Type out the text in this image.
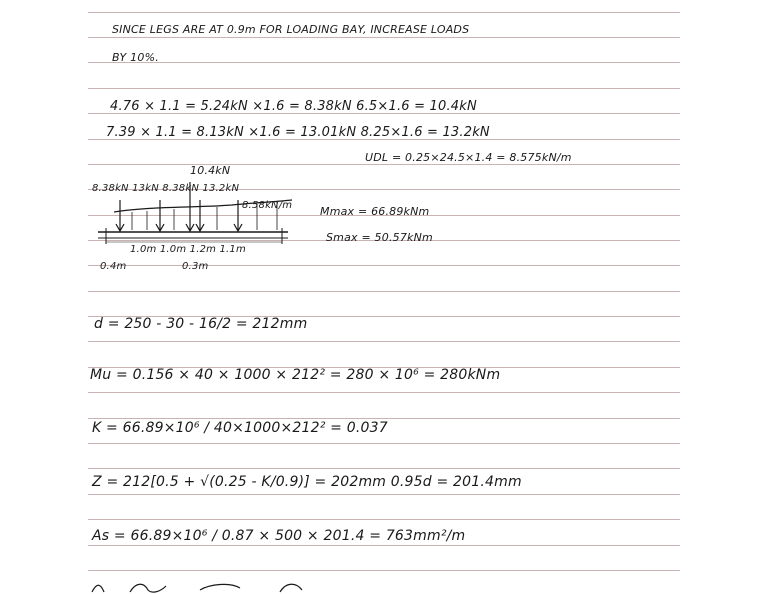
SINCE LEGS ARE AT 0.9m FOR LOADING BAY, INCREASE LOADS
BY 10%.
4.76 × 1.1 = 5.24kN ×1.6 = 8.38kN 6.5×1.6 = 10.4kN
7.39 × 1.1 = 8.13kN ×1.6 = 13.01kN 8.25×1.6 = 13.2kN
UDL = 0.25×24.5×1.4 = 8.575kN/m
Mmax = 66.89kNm
Smax = 50.57kNm
10.4kN
8.38kN 13kN 8.38kN 13.2kN
8.58kN/m
1.0m 1.0m 1.2m 1.1m
0.4m	0.3m
d = 250 - 30 - 16/2 = 212mm
Mu = 0.156 × 40 × 1000 × 212² = 280 × 10⁶ = 280kNm
K = 66.89×10⁶ / 40×1000×212² = 0.037
Z = 212[0.5 + √(0.25 - K/0.9)] = 202mm 0.95d = 201.4mm
As = 66.89×10⁶ / 0.87 × 500 × 201.4 = 763mm²/m
